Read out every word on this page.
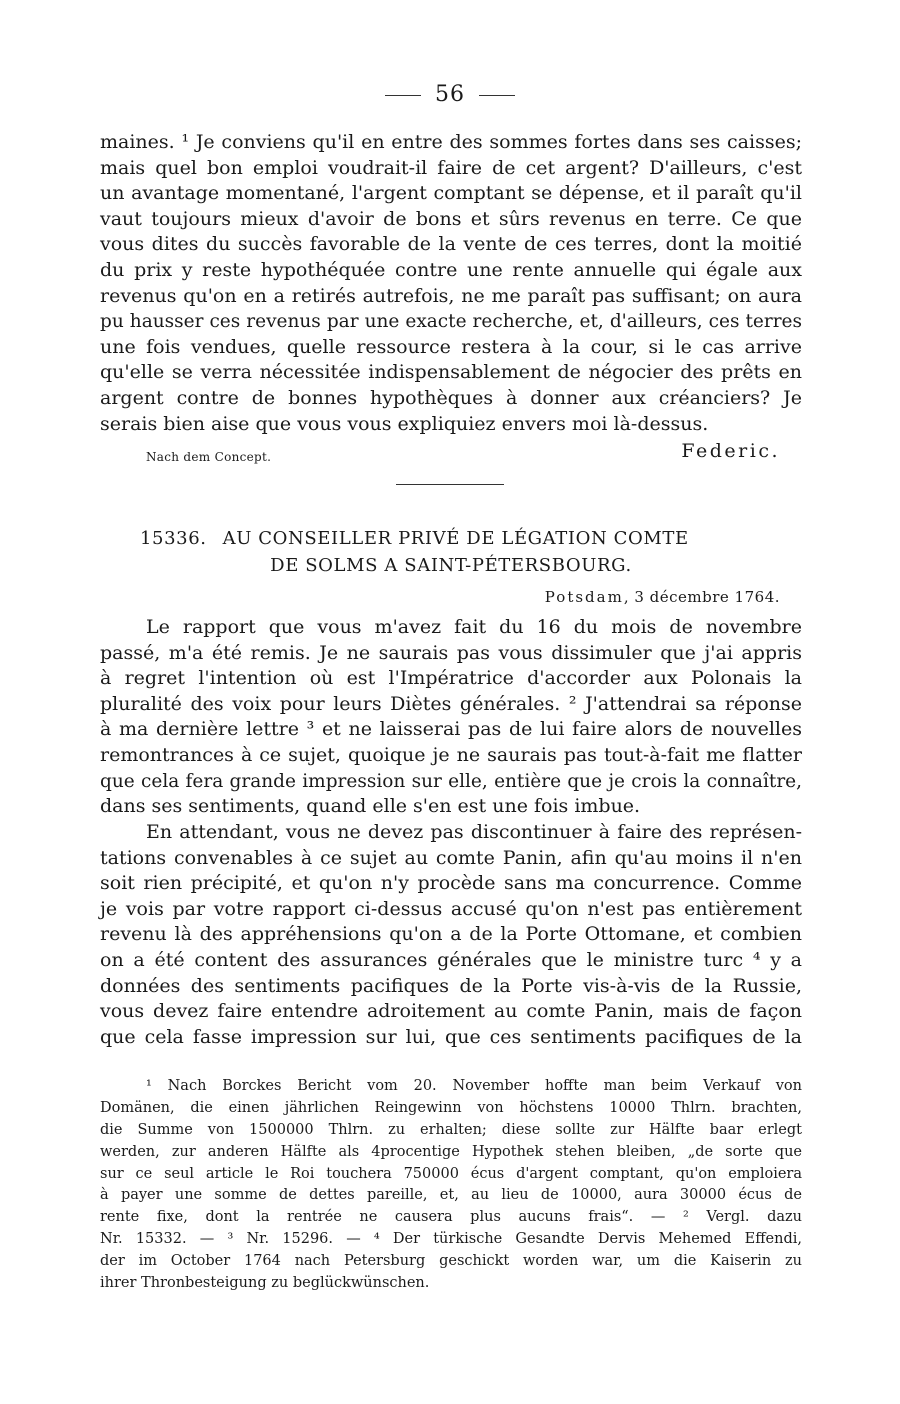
56
maines. ¹ Je conviens qu'il en entre des sommes fortes dans ses caisses;
mais quel bon emploi voudrait-il faire de cet argent? D'ailleurs, c'est
un avantage momentané, l'argent comptant se dépense, et il paraît qu'il
vaut toujours mieux d'avoir de bons et sûrs revenus en terre. Ce que
vous dites du succès favorable de la vente de ces terres, dont la moitié
du prix y reste hypothéquée contre une rente annuelle qui égale aux
revenus qu'on en a retirés autrefois, ne me paraît pas suffisant; on aura
pu hausser ces revenus par une exacte recherche, et, d'ailleurs, ces terres
une fois vendues, quelle ressource restera à la cour, si le cas arrive
qu'elle se verra nécessitée indispensablement de négocier des prêts en
argent contre de bonnes hypothèques à donner aux créanciers? Je
serais bien aise que vous vous expliquiez envers moi là-dessus.
Nach dem Concept.	Federic.
15336. AU CONSEILLER PRIVÉ DE LÉGATION COMTE
DE SOLMS A SAINT-PÉTERSBOURG.
Potsdam, 3 décembre 1764.
Le rapport que vous m'avez fait du 16 du mois de novembre
passé, m'a été remis. Je ne saurais pas vous dissimuler que j'ai appris
à regret l'intention où est l'Impératrice d'accorder aux Polonais la
pluralité des voix pour leurs Diètes générales. ² J'attendrai sa réponse
à ma dernière lettre ³ et ne laisserai pas de lui faire alors de nouvelles
remontrances à ce sujet, quoique je ne saurais pas tout-à-fait me flatter
que cela fera grande impression sur elle, entière que je crois la connaître,
dans ses sentiments, quand elle s'en est une fois imbue.
En attendant, vous ne devez pas discontinuer à faire des représen-
tations convenables à ce sujet au comte Panin, afin qu'au moins il n'en
soit rien précipité, et qu'on n'y procède sans ma concurrence. Comme
je vois par votre rapport ci-dessus accusé qu'on n'est pas entièrement
revenu là des appréhensions qu'on a de la Porte Ottomane, et combien
on a été content des assurances générales que le ministre turc ⁴ y a
données des sentiments pacifiques de la Porte vis-à-vis de la Russie,
vous devez faire entendre adroitement au comte Panin, mais de façon
que cela fasse impression sur lui, que ces sentiments pacifiques de la
¹ Nach Borckes Bericht vom 20. November hoffte man beim Verkauf von
Domänen, die einen jährlichen Reingewinn von höchstens 10000 Thlrn. brachten,
die Summe von 1500000 Thlrn. zu erhalten; diese sollte zur Hälfte baar erlegt
werden, zur anderen Hälfte als 4procentige Hypothek stehen bleiben, „de sorte que
sur ce seul article le Roi touchera 750000 écus d'argent comptant, qu'on emploiera
à payer une somme de dettes pareille, et, au lieu de 10000, aura 30000 écus de
rente fixe, dont la rentrée ne causera plus aucuns frais“. — ² Vergl. dazu
Nr. 15332. — ³ Nr. 15296. — ⁴ Der türkische Gesandte Dervis Mehemed Effendi,
der im October 1764 nach Petersburg geschickt worden war, um die Kaiserin zu
ihrer Thronbesteigung zu beglückwünschen.
